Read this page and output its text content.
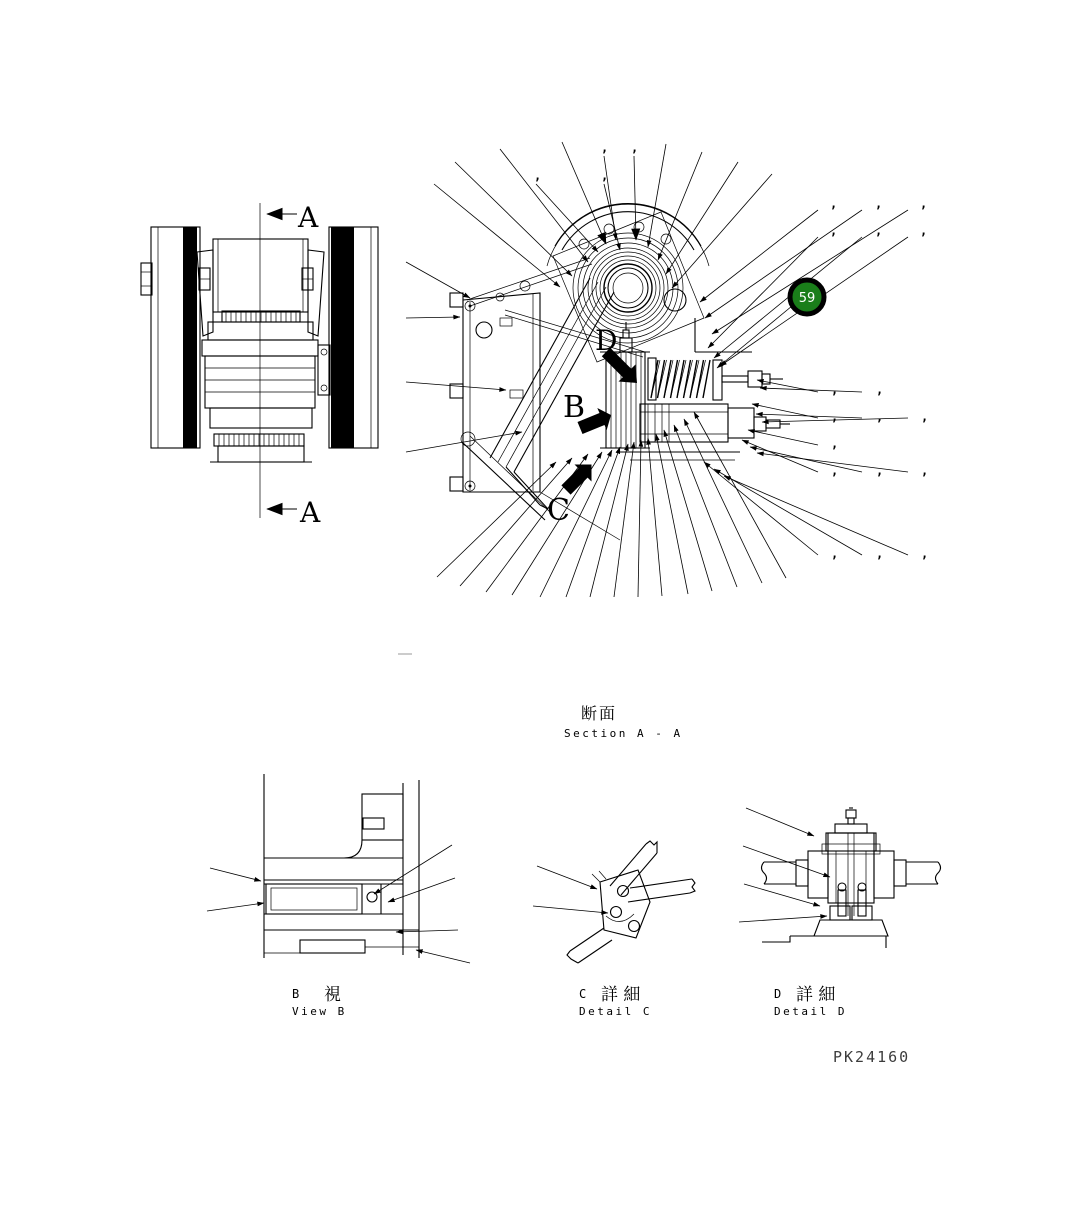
D
B
C
59
, ,
,	,
,	,	,
,	,	,
,	,
,	,	,
,
,	,	,
,	,	,
断面
Section A - A
A
A
B 視
View B
C 詳 細
Detail C
D 詳 細
Detail D
PK24160
